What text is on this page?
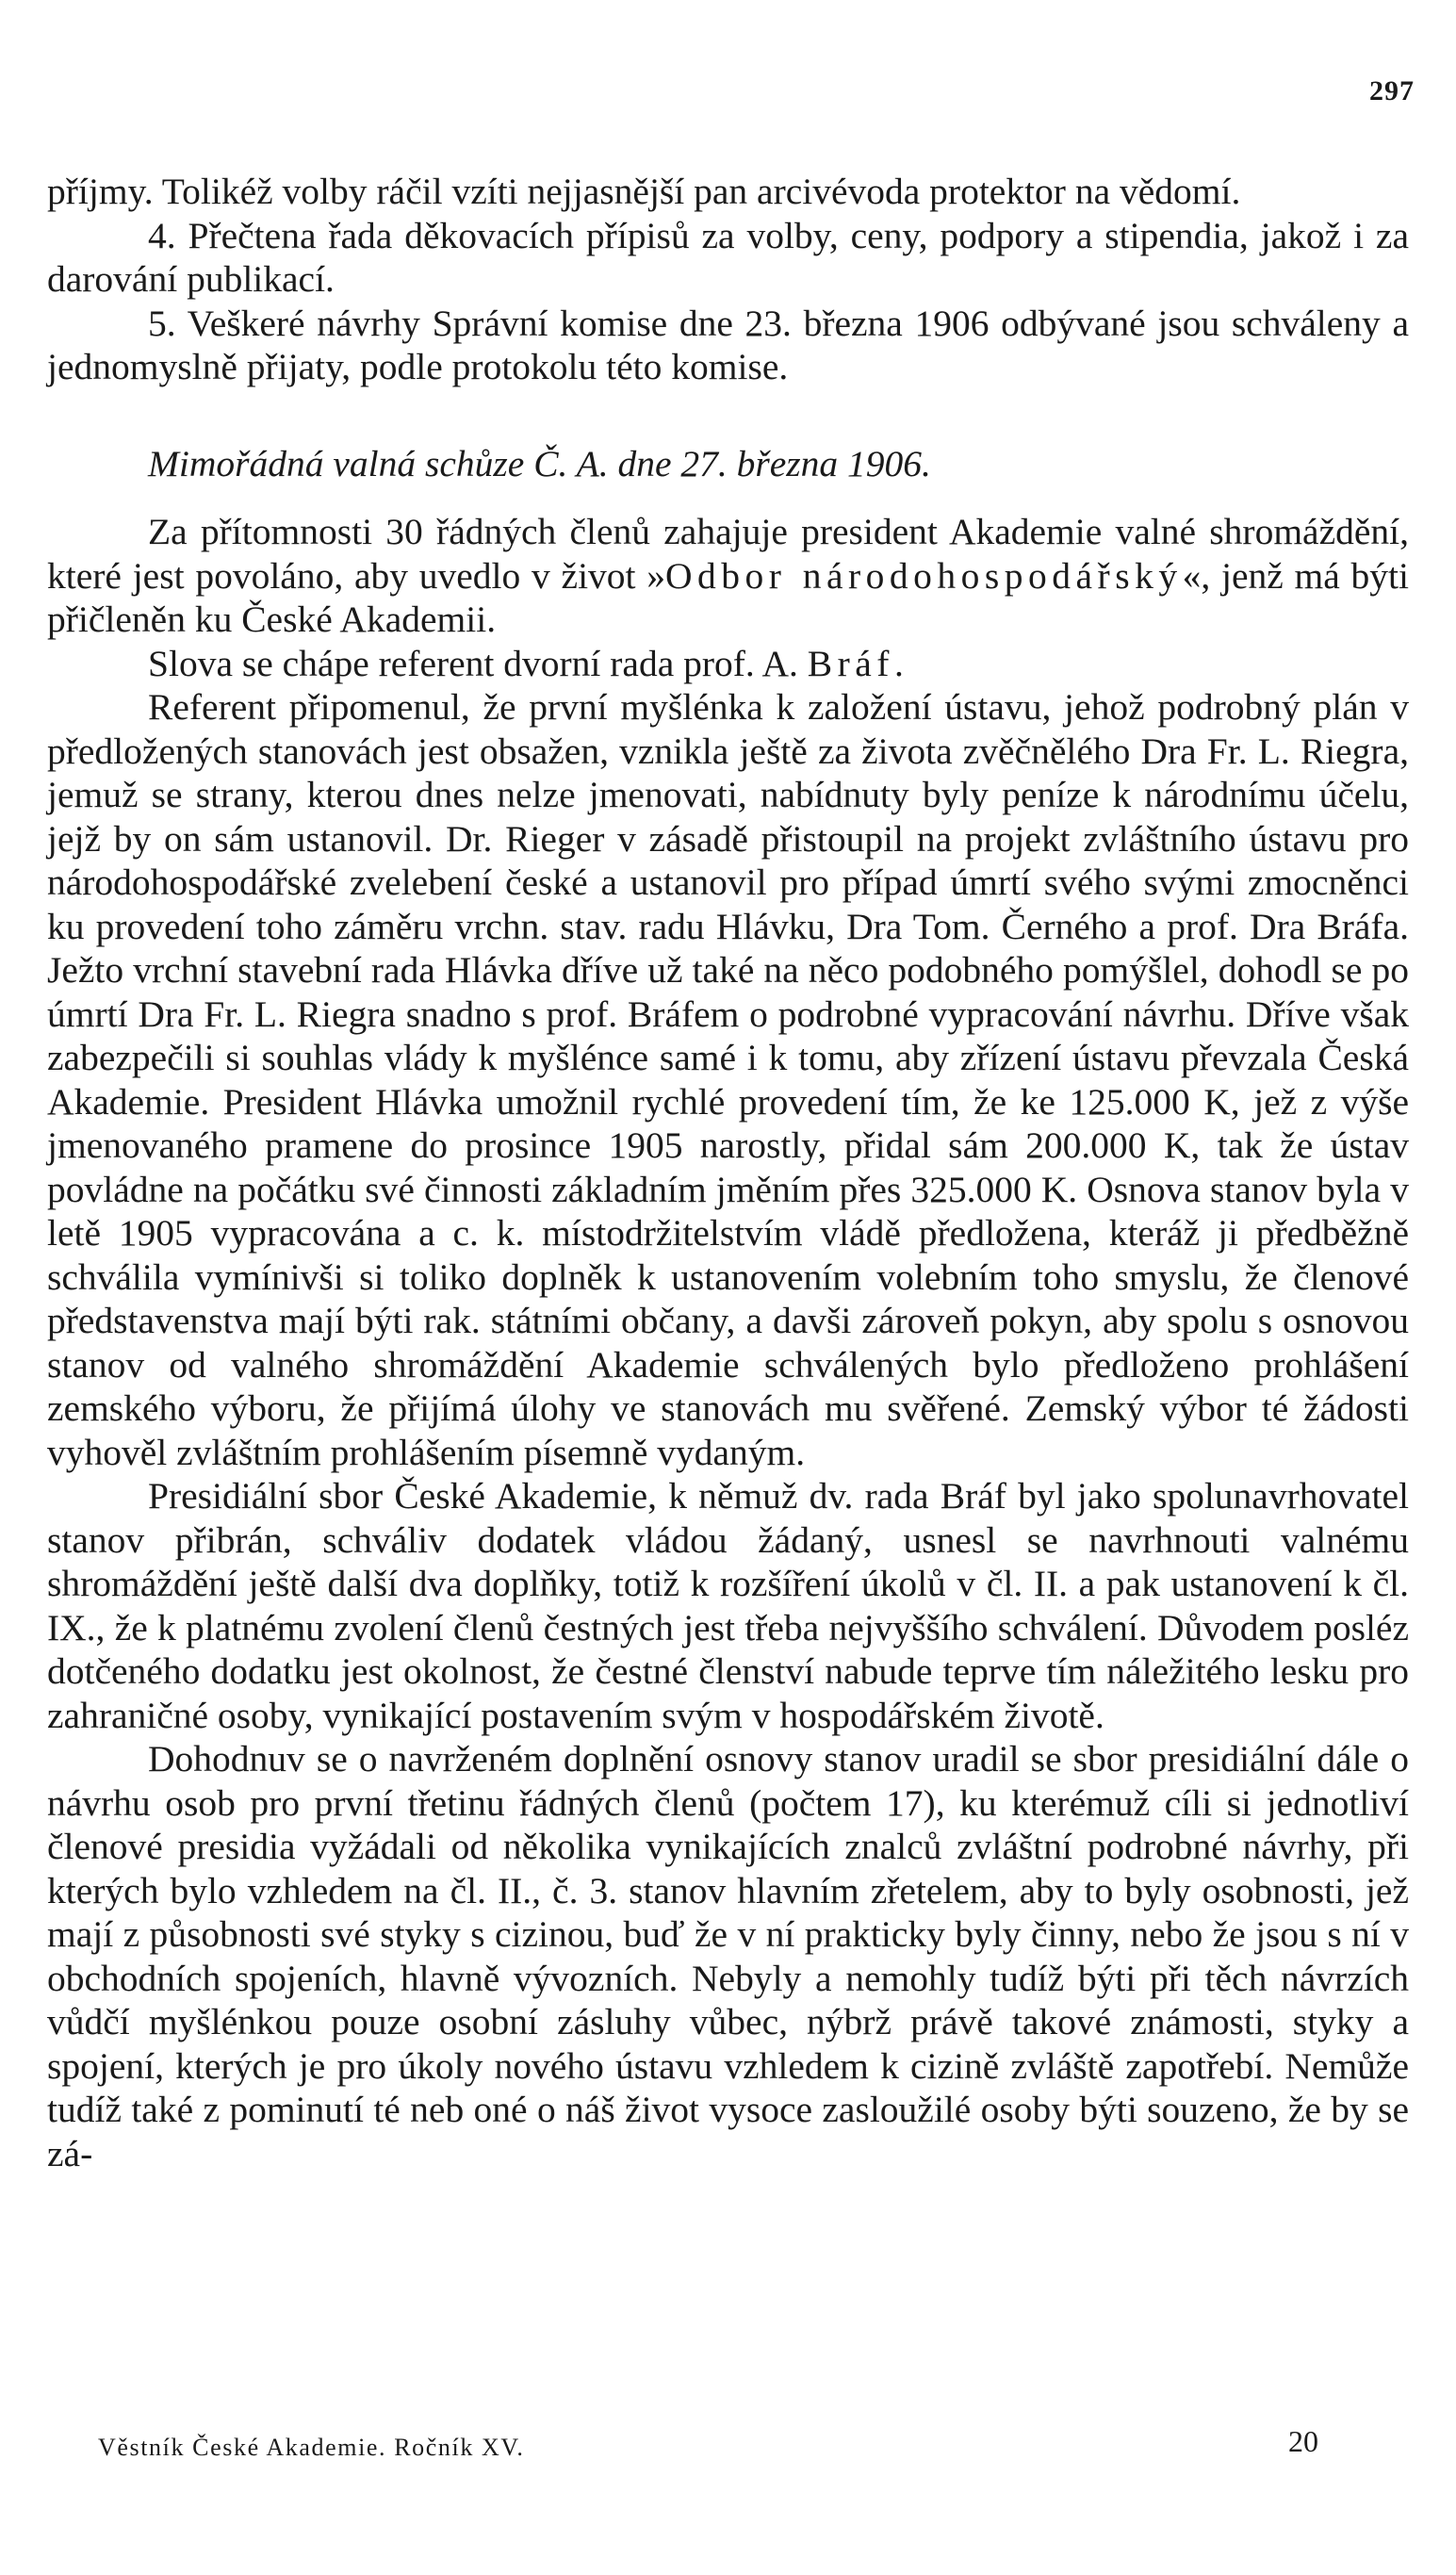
297

příjmy. Tolikéž volby ráčil vzíti nejjasnější pan arcivévoda protektor na vědomí.

4. Přečtena řada děkovacích přípisů za volby, ceny, podpory a stipendia, jakož i za darování publikací.

5. Veškeré návrhy Správní komise dne 23. března 1906 odbývané jsou schváleny a jednomyslně přijaty, podle protokolu této komise.

Mimořádná valná schůze Č. A. dne 27. března 1906.

Za přítomnosti 30 řádných členů zahajuje president Akademie valné shromáždění, které jest povoláno, aby uvedlo v život »Odbor národohospodářský«, jenž má býti přičleněn ku České Akademii.

Slova se chápe referent dvorní rada prof. A. Bráf.

Referent připomenul, že první myšlénka k založení ústavu, jehož podrobný plán v předložených stanovách jest obsažen, vznikla ještě za života zvěčnělého Dra Fr. L. Riegra, jemuž se strany, kterou dnes nelze jmenovati, nabídnuty byly peníze k národnímu účelu, jejž by on sám ustanovil. Dr. Rieger v zásadě přistoupil na projekt zvláštního ústavu pro národohospodářské zvelebení české a ustanovil pro případ úmrtí svého svými zmocněnci ku provedení toho záměru vrchn. stav. radu Hlávku, Dra Tom. Černého a prof. Dra Bráfa. Ježto vrchní stavební rada Hlávka dříve už také na něco podobného pomýšlel, dohodl se po úmrtí Dra Fr. L. Riegra snadno s prof. Bráfem o podrobné vypracování návrhu. Dříve však zabezpečili si souhlas vlády k myšlénce samé i k tomu, aby zřízení ústavu převzala Česká Akademie. President Hlávka umožnil rychlé provedení tím, že ke 125.000 K, jež z výše jmenovaného pramene do prosince 1905 narostly, přidal sám 200.000 K, tak že ústav povládne na počátku své činnosti základním jměním přes 325.000 K. Osnova stanov byla v letě 1905 vypracována a c. k. místodržitelstvím vládě předložena, kteráž ji předběžně schválila vymínivši si toliko doplněk k ustanovením volebním toho smyslu, že členové představenstva mají býti rak. státními občany, a davši zároveň pokyn, aby spolu s osnovou stanov od valného shromáždění Akademie schválených bylo předloženo prohlášení zemského výboru, že přijímá úlohy ve stanovách mu svěřené. Zemský výbor té žádosti vyhověl zvláštním prohlášením písemně vydaným.

Presidiální sbor České Akademie, k němuž dv. rada Bráf byl jako spolunavrhovatel stanov přibrán, schváliv dodatek vládou žádaný, usnesl se navrhnouti valnému shromáždění ještě další dva doplňky, totiž k rozšíření úkolů v čl. II. a pak ustanovení k čl. IX., že k platnému zvolení členů čestných jest třeba nejvyššího schválení. Důvodem posléz dotčeného dodatku jest okolnost, že čestné členství nabude teprve tím náležitého lesku pro zahraničné osoby, vynikající postavením svým v hospodářském životě.

Dohodnuv se o navrženém doplnění osnovy stanov uradil se sbor presidiální dále o návrhu osob pro první třetinu řádných členů (počtem 17), ku kterémuž cíli si jednotliví členové presidia vyžádali od několika vynikajících znalců zvláštní podrobné návrhy, při kterých bylo vzhledem na čl. II., č. 3. stanov hlavním zřetelem, aby to byly osobnosti, jež mají z působnosti své styky s cizinou, buď že v ní prakticky byly činny, nebo že jsou s ní v obchodních spojeních, hlavně vývozních. Nebyly a nemohly tudíž býti při těch návrzích vůdčí myšlénkou pouze osobní zásluhy vůbec, nýbrž právě takové známosti, styky a spojení, kterých je pro úkoly nového ústavu vzhledem k cizině zvláště zapotřebí. Nemůže tudíž také z pominutí té neb oné o náš život vysoce zasloužilé osoby býti souzeno, že by se zá-

Věstník České Akademie. Ročník XV.	20
